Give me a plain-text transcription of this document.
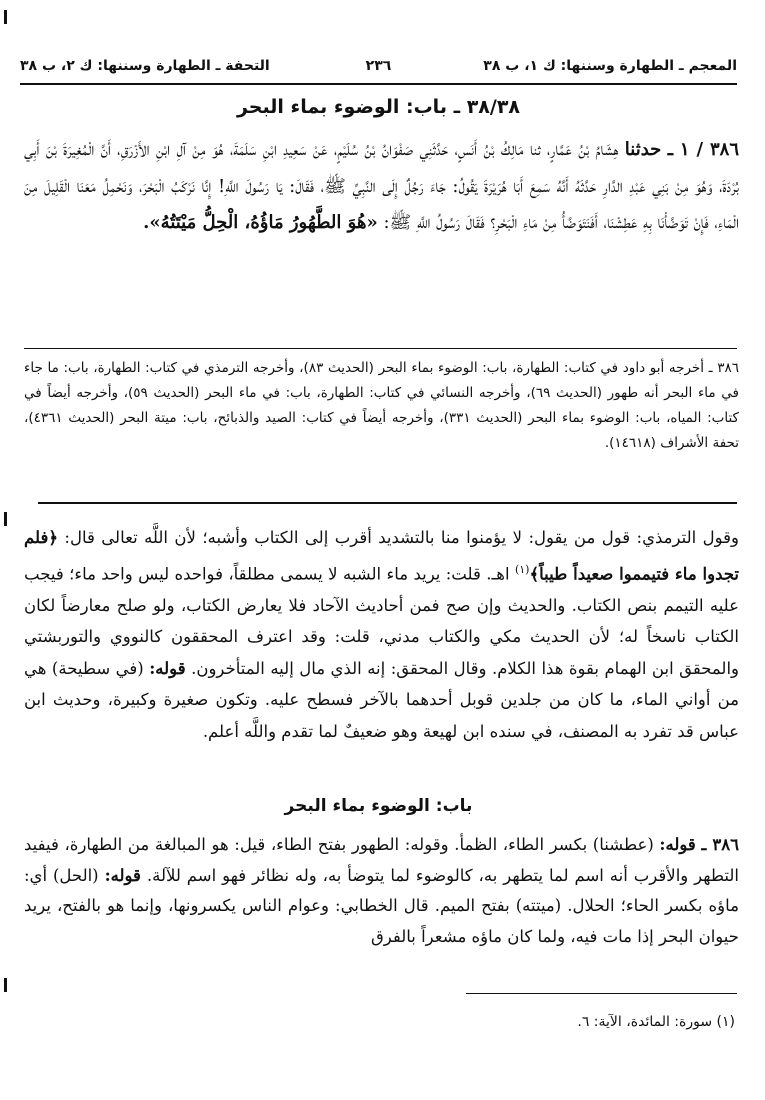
المعجم ـ الطهارة وسننها: ك ١، ب ٣٨
٢٣٦
التحفة ـ الطهارة وسننها: ك ٢، ب ٣٨
٣٨/٣٨ ـ باب: الوضوء بماء البحر
٣٨٦ / ١ ـ حدثنا هِشَامُ بْنُ عَمَّارٍ، ثنا مَالِكُ بْنُ أَنَسٍ، حَدَّثَنِي صَفْوَانُ بْنُ سُلَيْمٍ، عَنْ سَعِيدِ ابْنِ سَلَمَةَ، هُوَ مِنْ آلِ ابْنِ الأَزْرَقِ، أَنَّ الْمُغِيرَةَ بْنَ أَبِي بُرْدَةَ، وَهُوَ مِنْ بَنِي عَبْدِ الدَّارِ حَدَّثَهُ أَنَّهُ سَمِعَ أَبَا هُرَيْرَةَ يَقُولُ: جَاءَ رَجُلٌ إِلَى النَّبِيِّ ﷺ، فَقَالَ: يَا رَسُولَ اللَّهِ! إِنَّا نَرْكَبُ الْبَحْرَ، وَنَحْمِلُ مَعَنَا الْقَلِيلَ مِنَ الْمَاءِ، فَإِنْ تَوَضَّأْنَا بِهِ عَطِشْنَا، أَفَنَتَوَضَّأُ مِنْ مَاءِ الْبَحْرِ؟ فَقَالَ رَسُولُ اللَّهِ ﷺ: «هُوَ الطَّهُورُ مَاؤُهُ، الْحِلُّ مَيْتَتُهُ».
٣٨٦ ـ أخرجه أبو داود في كتاب: الطهارة، باب: الوضوء بماء البحر (الحديث ٨٣)، وأخرجه الترمذي في كتاب: الطهارة، باب: ما جاء في ماء البحر أنه طهور (الحديث ٦٩)، وأخرجه النسائي في كتاب: الطهارة، باب: في ماء البحر (الحديث ٥٩)، وأخرجه أيضاً في كتاب: المياه، باب: الوضوء بماء البحر (الحديث ٣٣١)، وأخرجه أيضاً في كتاب: الصيد والذبائح، باب: ميتة البحر (الحديث ٤٣٦١)، تحفة الأشراف (١٤٦١٨).
وقول الترمذي: قول من يقول: لا يؤمنوا منا بالتشديد أقرب إلى الكتاب وأشبه؛ لأن اللَّه تعالى قال: ﴿فلم تجدوا ماء فتيمموا صعيداً طيباً﴾$^{(١)}$ اهـ. قلت: يريد ماء الشبه لا يسمى مطلقاً، فواحده ليس واحد ماء؛ فيجب عليه التيمم بنص الكتاب. والحديث وإن صح فمن أحاديث الآحاد فلا يعارض الكتاب، ولو صلح معارضاً لكان الكتاب ناسخاً له؛ لأن الحديث مكي والكتاب مدني، قلت: وقد اعترف المحققون كالنووي والتوربشتي والمحقق ابن الهمام بقوة هذا الكلام. وقال المحقق: إنه الذي مال إليه المتأخرون. قوله: (في سطيحة) هي من أواني الماء، ما كان من جلدين قوبل أحدهما بالآخر فسطح عليه. وتكون صغيرة وكبيرة، وحديث ابن عباس قد تفرد به المصنف، في سنده ابن لهيعة وهو ضعيفٌ لما تقدم واللَّه أعلم.
باب: الوضوء بماء البحر
٣٨٦ ـ قوله: (عطشنا) بكسر الطاء، الظمأ. وقوله: الطهور بفتح الطاء، قيل: هو المبالغة من الطهارة، فيفيد التطهر والأقرب أنه اسم لما يتطهر به، كالوضوء لما يتوضأ به، وله نظائر فهو اسم للآلة. قوله: (الحل) أي: ماؤه بكسر الحاء؛ الحلال. (ميتته) بفتح الميم. قال الخطابي: وعوام الناس يكسرونها، وإنما هو بالفتح، يريد حيوان البحر إذا مات فيه، ولما كان ماؤه مشعراً بالفرق
(١) سورة: المائدة، الآية: ٦.
